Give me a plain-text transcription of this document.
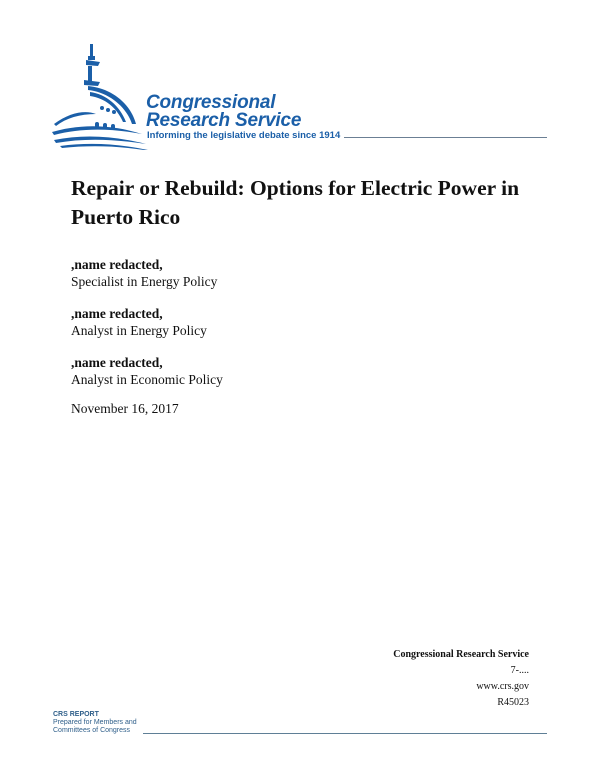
Congressional
Research Service
Informing the legislative debate since 1914
Repair or Rebuild: Options for Electric Power in Puerto Rico
,name redacted,
Specialist in Energy Policy
,name redacted,
Analyst in Energy Policy
,name redacted,
Analyst in Economic Policy
November 16, 2017
Congressional Research Service
7-....
www.crs.gov
R45023
CRS REPORT
Prepared for Members and
Committees of Congress
